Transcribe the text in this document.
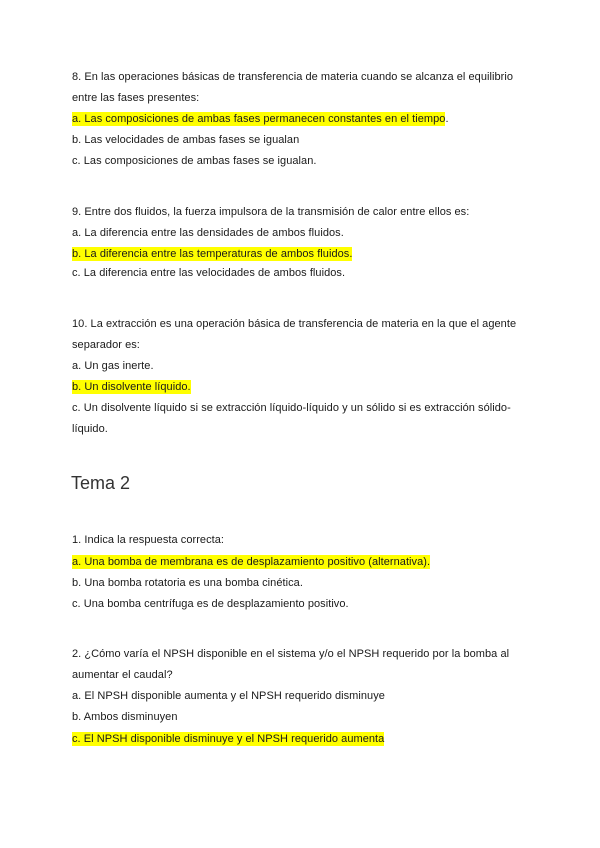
8. En las operaciones básicas de transferencia de materia cuando se alcanza el equilibrio
entre las fases presentes:
a. Las composiciones de ambas fases permanecen constantes en el tiempo.
b. Las velocidades de ambas fases se igualan
c. Las composiciones de ambas fases se igualan.
9. Entre dos fluidos, la fuerza impulsora de la transmisión de calor entre ellos es:
a. La diferencia entre las densidades de ambos fluidos.
b. La diferencia entre las temperaturas de ambos fluidos.
c. La diferencia entre las velocidades de ambos fluidos.
10. La extracción es una operación básica de transferencia de materia en la que el agente
separador es:
a. Un gas inerte.
b. Un disolvente líquido.
c. Un disolvente líquido si se extracción líquido-líquido y un sólido si es extracción sólido-
líquido.
Tema 2
1. Indica la respuesta correcta:
a. Una bomba de membrana es de desplazamiento positivo (alternativa).
b. Una bomba rotatoria es una bomba cinética.
c. Una bomba centrífuga es de desplazamiento positivo.
2. ¿Cómo varía el NPSH disponible en el sistema y/o el NPSH requerido por la bomba al
aumentar el caudal?
a. El NPSH disponible aumenta y el NPSH requerido disminuye
b. Ambos disminuyen
c. El NPSH disponible disminuye y el NPSH requerido aumenta
